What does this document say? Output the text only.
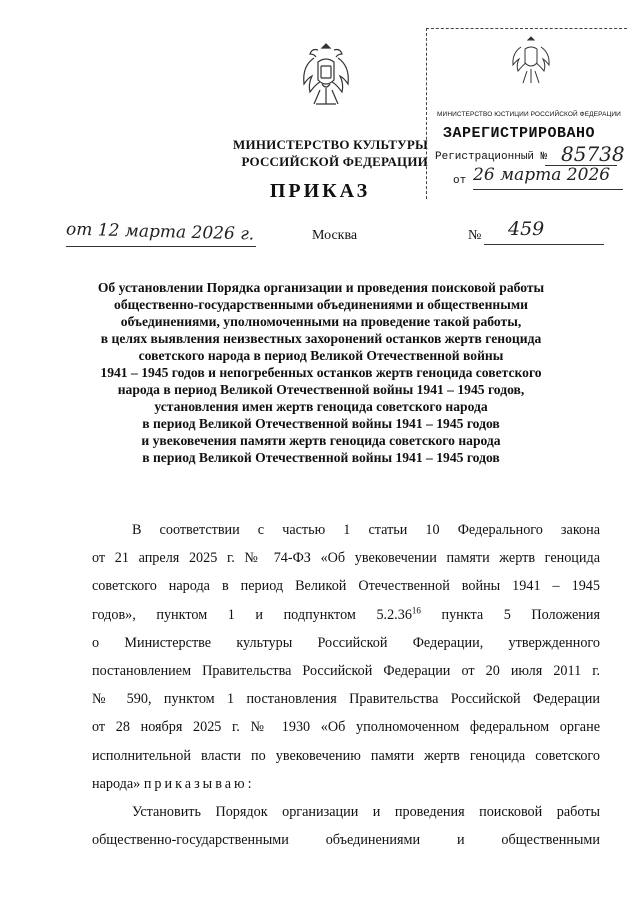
МИНИСТЕРСТВО КУЛЬТУРЫ
РОССИЙСКОЙ ФЕДЕРАЦИИ
МИНИСТЕРСТВО ЮСТИЦИИ РОССИЙСКОЙ ФЕДЕРАЦИИ
ЗАРЕГИСТРИРОВАНО
Регистрационный № 85738
от 26 марта 2026
ПРИКАЗ
от 12 марта 2026 г.	Москва	№ 459
Об установлении Порядка организации и проведения поисковой работы
общественно-государственными объединениями и общественными
объединениями, уполномоченными на проведение такой работы,
в целях выявления неизвестных захоронений останков жертв геноцида
советского народа в период Великой Отечественной войны
1941 – 1945 годов и непогребенных останков жертв геноцида советского
народа в период Великой Отечественной войны 1941 – 1945 годов,
установления имен жертв геноцида советского народа
в период Великой Отечественной войны 1941 – 1945 годов
и увековечения памяти жертв геноцида советского народа
в период Великой Отечественной войны 1941 – 1945 годов
В соответствии с частью 1 статьи 10 Федерального закона
от 21 апреля 2025 г. № 74-ФЗ «Об увековечении памяти жертв геноцида
советского народа в период Великой Отечественной войны 1941 – 1945
годов», пунктом 1 и подпунктом 5.2.36$^{16}$ пункта 5 Положения
о Министерстве культуры Российской Федерации, утвержденного
постановлением Правительства Российской Федерации от 20 июля 2011 г.
№ 590, пунктом 1 постановления Правительства Российской Федерации
от 28 ноября 2025 г. № 1930 «Об уполномоченном федеральном органе
исполнительной власти по увековечению памяти жертв геноцида советского
народа» приказываю:
Установить Порядок организации и проведения поисковой работы
общественно-государственными объединениями и общественными
